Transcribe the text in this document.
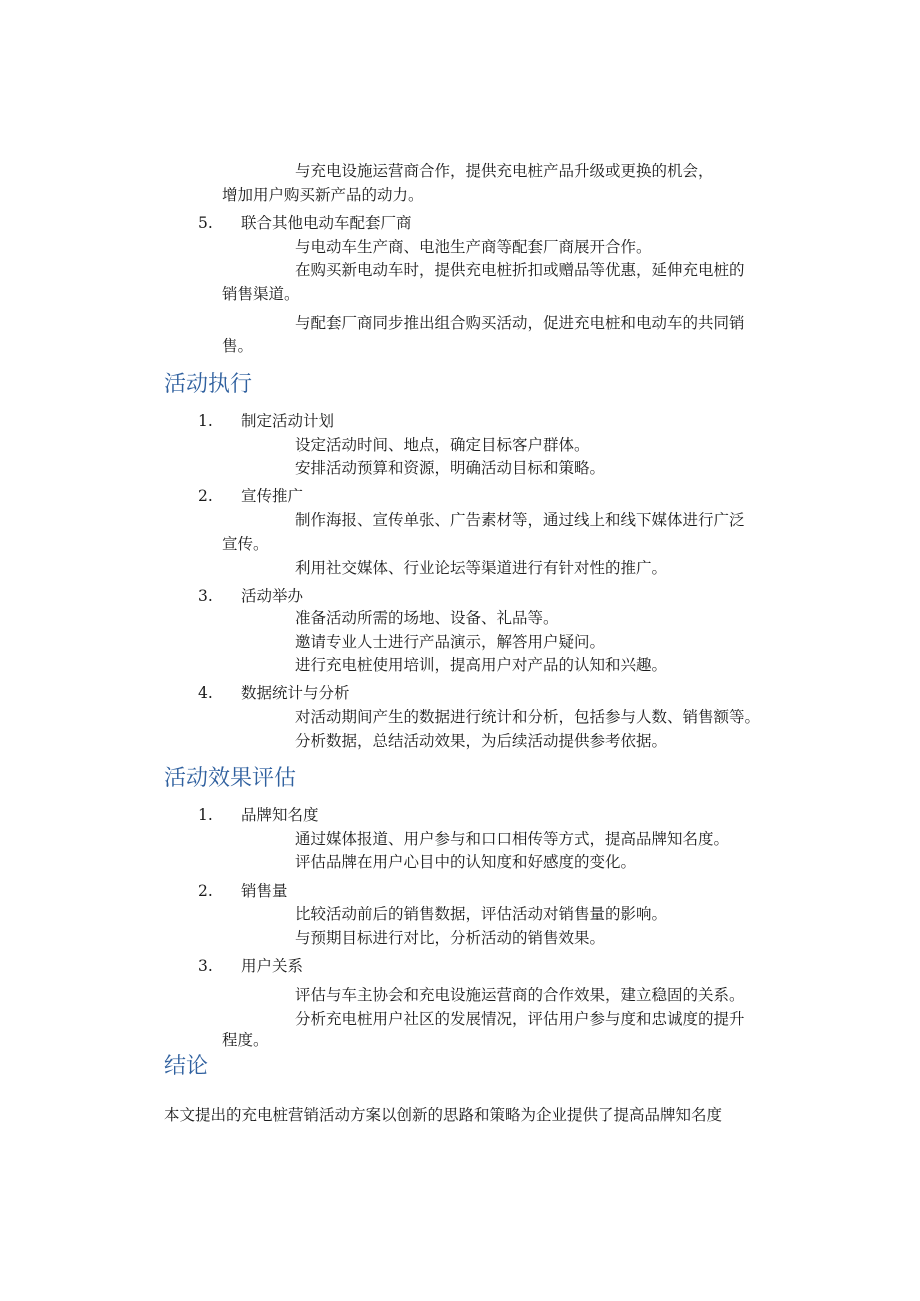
与充电设施运营商合作，提供充电桩产品升级或更换的机会，
增加用户购买新产品的动力。
5. 联合其他电动车配套厂商
与电动车生产商、电池生产商等配套厂商展开合作。
在购买新电动车时，提供充电桩折扣或赠品等优惠，延伸充电桩的
销售渠道。
与配套厂商同步推出组合购买活动，促进充电桩和电动车的共同销
售。
活动执行
1. 制定活动计划
设定活动时间、地点，确定目标客户群体。
安排活动预算和资源，明确活动目标和策略。
2. 宣传推广
制作海报、宣传单张、广告素材等，通过线上和线下媒体进行广泛
宣传。
利用社交媒体、行业论坛等渠道进行有针对性的推广。
3. 活动举办
准备活动所需的场地、设备、礼品等。
邀请专业人士进行产品演示，解答用户疑问。
进行充电桩使用培训，提高用户对产品的认知和兴趣。
4. 数据统计与分析
对活动期间产生的数据进行统计和分析，包括参与人数、销售额等。
分析数据，总结活动效果，为后续活动提供参考依据。
活动效果评估
1. 品牌知名度
通过媒体报道、用户参与和口口相传等方式，提高品牌知名度。
评估品牌在用户心目中的认知度和好感度的变化。
2. 销售量
比较活动前后的销售数据，评估活动对销售量的影响。
与预期目标进行对比，分析活动的销售效果。
3. 用户关系
评估与车主协会和充电设施运营商的合作效果，建立稳固的关系。
分析充电桩用户社区的发展情况，评估用户参与度和忠诚度的提升
程度。
结论
本文提出的充电桩营销活动方案以创新的思路和策略为企业提供了提高品牌知名度
